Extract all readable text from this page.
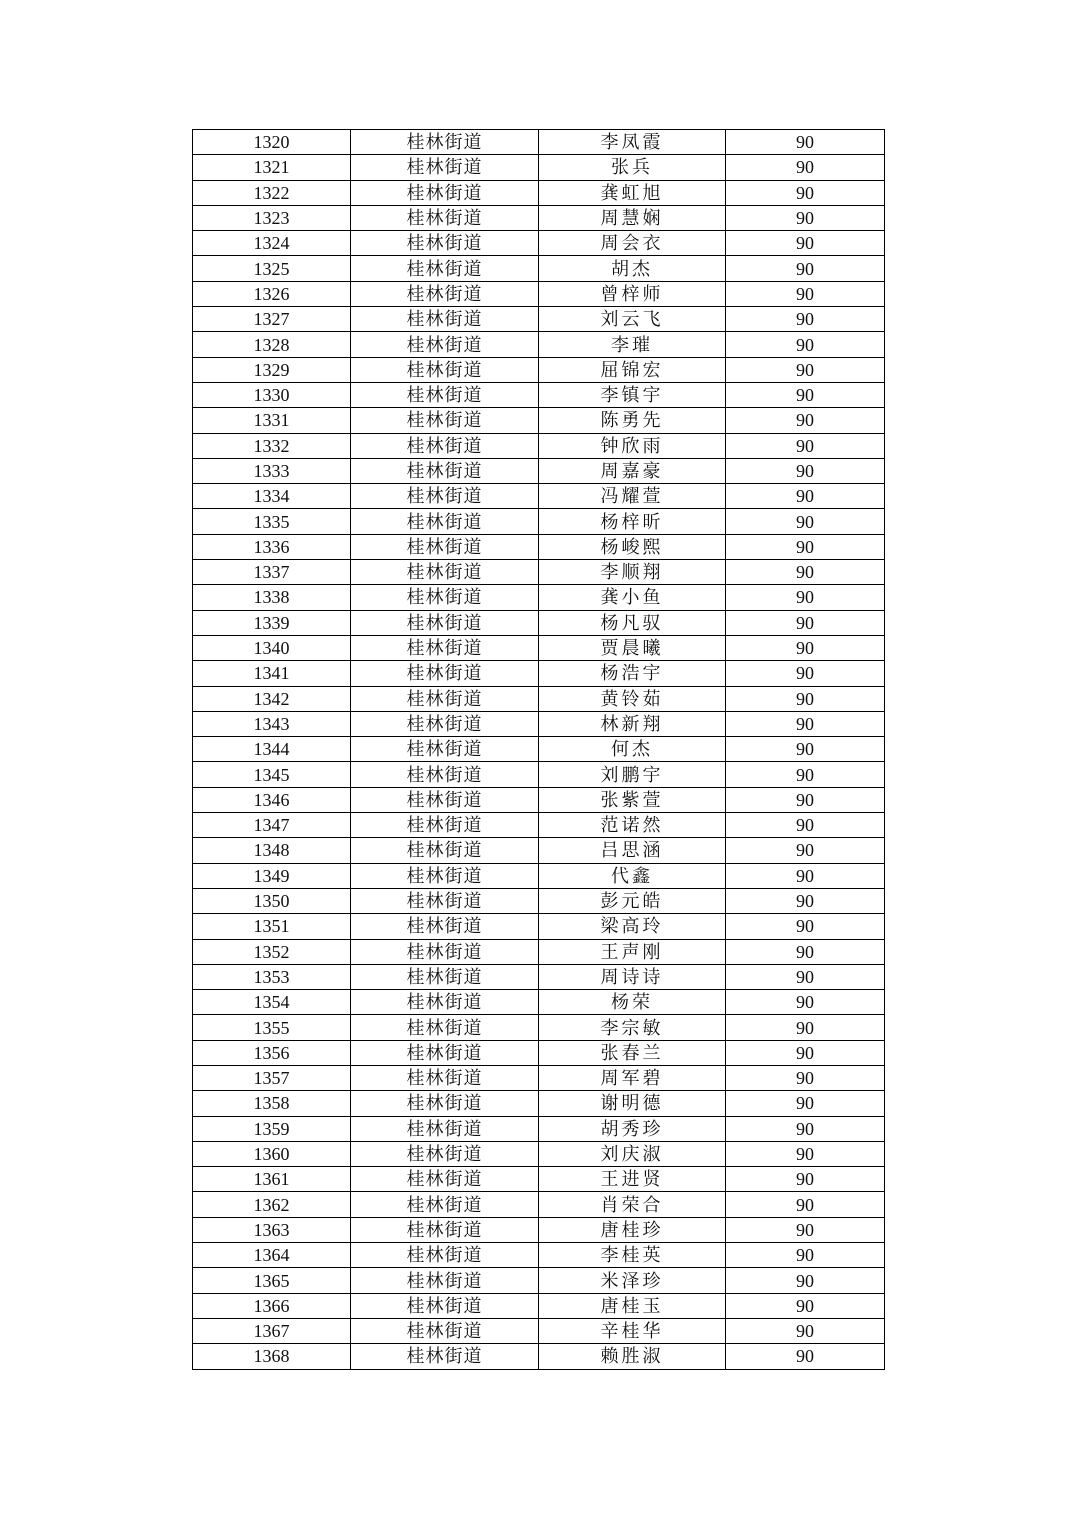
1320	桂林街道	李凤霞	90
1321	桂林街道	张兵	90
1322	桂林街道	龚虹旭	90
1323	桂林街道	周慧娴	90
1324	桂林街道	周会衣	90
1325	桂林街道	胡杰	90
1326	桂林街道	曾梓师	90
1327	桂林街道	刘云飞	90
1328	桂林街道	李璀	90
1329	桂林街道	屈锦宏	90
1330	桂林街道	李镇宇	90
1331	桂林街道	陈勇先	90
1332	桂林街道	钟欣雨	90
1333	桂林街道	周嘉豪	90
1334	桂林街道	冯耀萱	90
1335	桂林街道	杨梓昕	90
1336	桂林街道	杨峻熙	90
1337	桂林街道	李顺翔	90
1338	桂林街道	龚小鱼	90
1339	桂林街道	杨凡驭	90
1340	桂林街道	贾晨曦	90
1341	桂林街道	杨浩宇	90
1342	桂林街道	黄铃茹	90
1343	桂林街道	林新翔	90
1344	桂林街道	何杰	90
1345	桂林街道	刘鹏宇	90
1346	桂林街道	张紫萱	90
1347	桂林街道	范诺然	90
1348	桂林街道	吕思涵	90
1349	桂林街道	代鑫	90
1350	桂林街道	彭元皓	90
1351	桂林街道	梁高玲	90
1352	桂林街道	王声刚	90
1353	桂林街道	周诗诗	90
1354	桂林街道	杨荣	90
1355	桂林街道	李宗敏	90
1356	桂林街道	张春兰	90
1357	桂林街道	周军碧	90
1358	桂林街道	谢明德	90
1359	桂林街道	胡秀珍	90
1360	桂林街道	刘庆淑	90
1361	桂林街道	王进贤	90
1362	桂林街道	肖荣合	90
1363	桂林街道	唐桂珍	90
1364	桂林街道	李桂英	90
1365	桂林街道	米泽珍	90
1366	桂林街道	唐桂玉	90
1367	桂林街道	辛桂华	90
1368	桂林街道	赖胜淑	90
